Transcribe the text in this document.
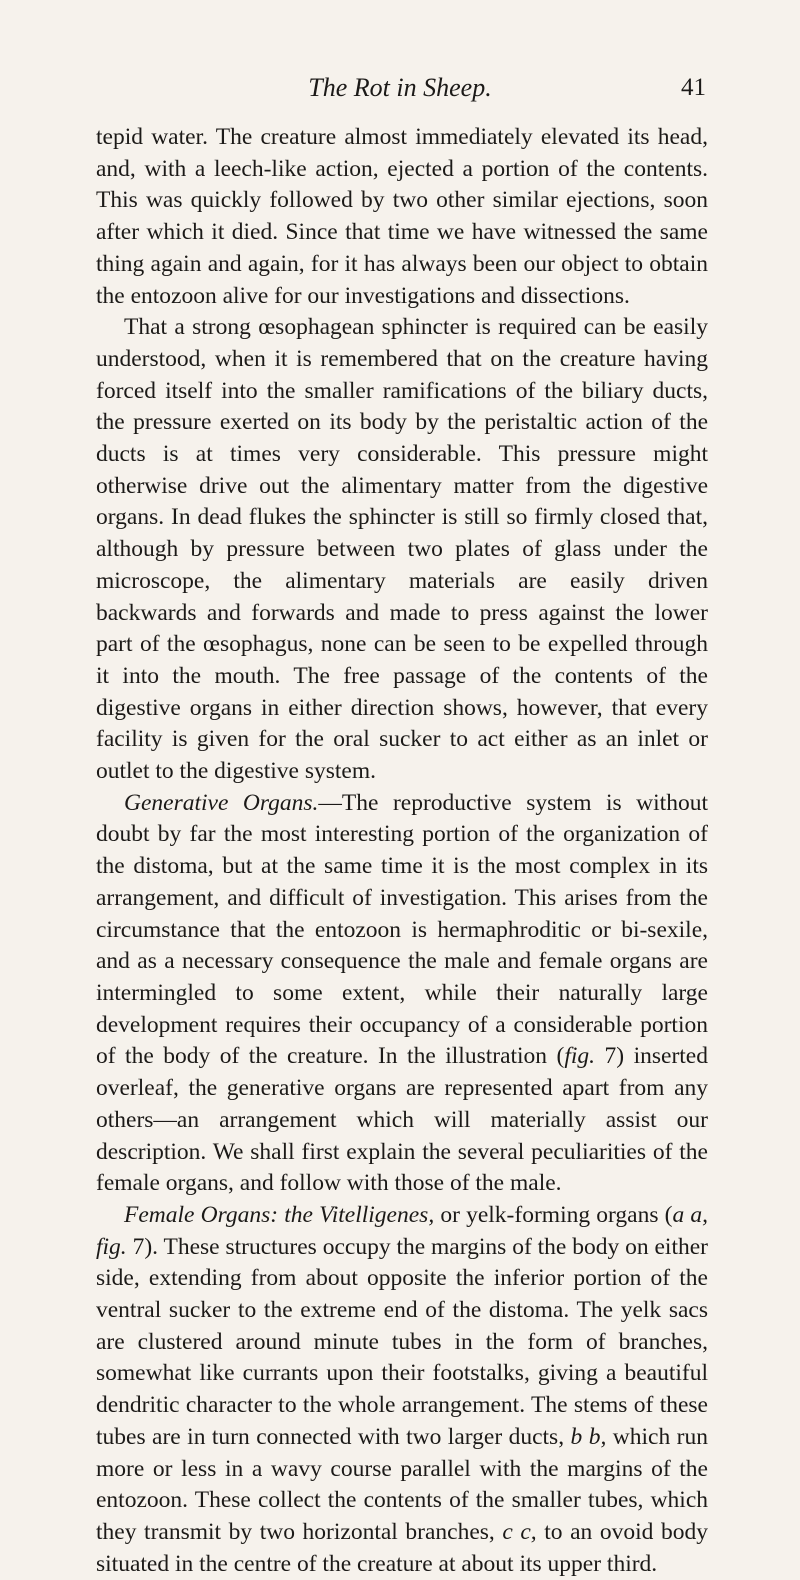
The Rot in Sheep.	41

tepid water. The creature almost immediately elevated its head, and, with a leech-like action, ejected a portion of the contents. This was quickly followed by two other similar ejections, soon after which it died. Since that time we have witnessed the same thing again and again, for it has always been our object to obtain the entozoon alive for our investigations and dissections.

That a strong œsophagean sphincter is required can be easily understood, when it is remembered that on the creature having forced itself into the smaller ramifications of the biliary ducts, the pressure exerted on its body by the peristaltic action of the ducts is at times very considerable. This pressure might otherwise drive out the alimentary matter from the digestive organs. In dead flukes the sphincter is still so firmly closed that, although by pressure between two plates of glass under the microscope, the alimentary materials are easily driven backwards and forwards and made to press against the lower part of the œsophagus, none can be seen to be expelled through it into the mouth. The free passage of the contents of the digestive organs in either direction shows, however, that every facility is given for the oral sucker to act either as an inlet or outlet to the digestive system.

Generative Organs.—The reproductive system is without doubt by far the most interesting portion of the organization of the distoma, but at the same time it is the most complex in its arrangement, and difficult of investigation. This arises from the circumstance that the entozoon is hermaphroditic or bi-sexile, and as a necessary consequence the male and female organs are intermingled to some extent, while their naturally large development requires their occupancy of a considerable portion of the body of the creature. In the illustration (fig. 7) inserted overleaf, the generative organs are represented apart from any others—an arrangement which will materially assist our description. We shall first explain the several peculiarities of the female organs, and follow with those of the male.

Female Organs: the Vitelligenes, or yelk-forming organs (a a, fig. 7). These structures occupy the margins of the body on either side, extending from about opposite the inferior portion of the ventral sucker to the extreme end of the distoma. The yelk sacs are clustered around minute tubes in the form of branches, somewhat like currants upon their footstalks, giving a beautiful dendritic character to the whole arrangement. The stems of these tubes are in turn connected with two larger ducts, b b, which run more or less in a wavy course parallel with the margins of the entozoon. These collect the contents of the smaller tubes, which they transmit by two horizontal branches, c c, to an ovoid body situated in the centre of the creature at about its upper third.
